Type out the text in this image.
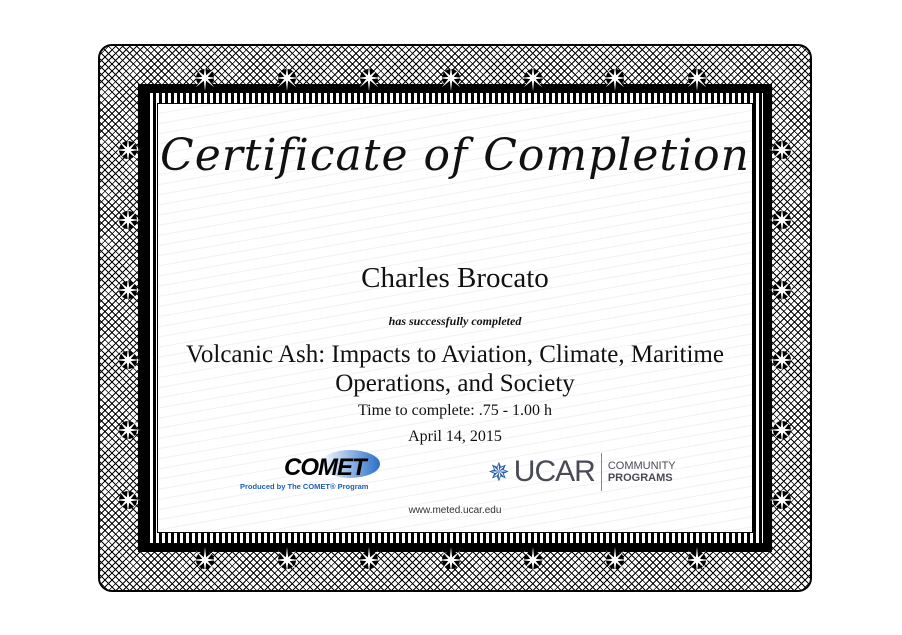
Certificate of Completion
Charles Brocato
has successfully completed
Volcanic Ash: Impacts to Aviation, Climate, Maritime
Operations, and Society
Time to complete: .75 - 1.00 h
April 14, 2015
COMET
Produced by The COMET® Program	✵ UCAR COMMUNITY
PROGRAMS
www.meted.ucar.edu
